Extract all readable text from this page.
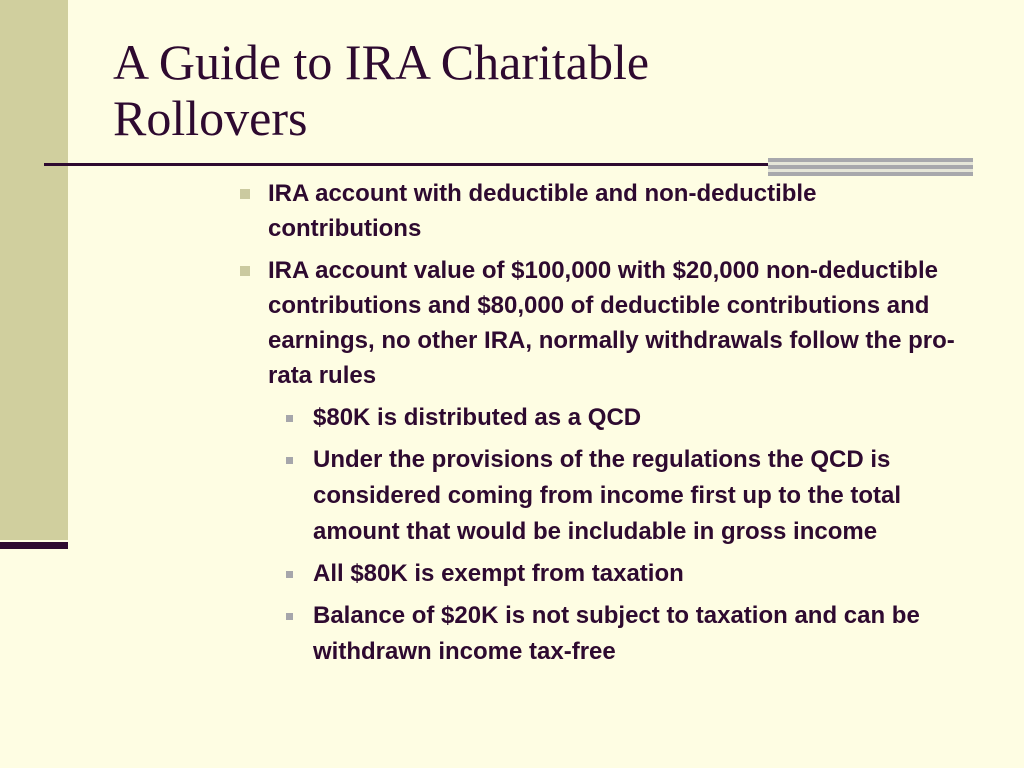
A Guide to IRA Charitable
Rollovers
IRA account with deductible and non-deductible contributions
IRA account value of $100,000 with $20,000 non-deductible contributions and $80,000 of deductible contributions and earnings, no other IRA, normally withdrawals follow the pro-rata rules
$80K is distributed as a QCD
Under the provisions of the regulations the QCD is considered coming from income first up to the total amount that would be includable in gross income
All $80K is exempt from taxation
Balance of $20K is not subject to taxation and can be withdrawn income tax-free
